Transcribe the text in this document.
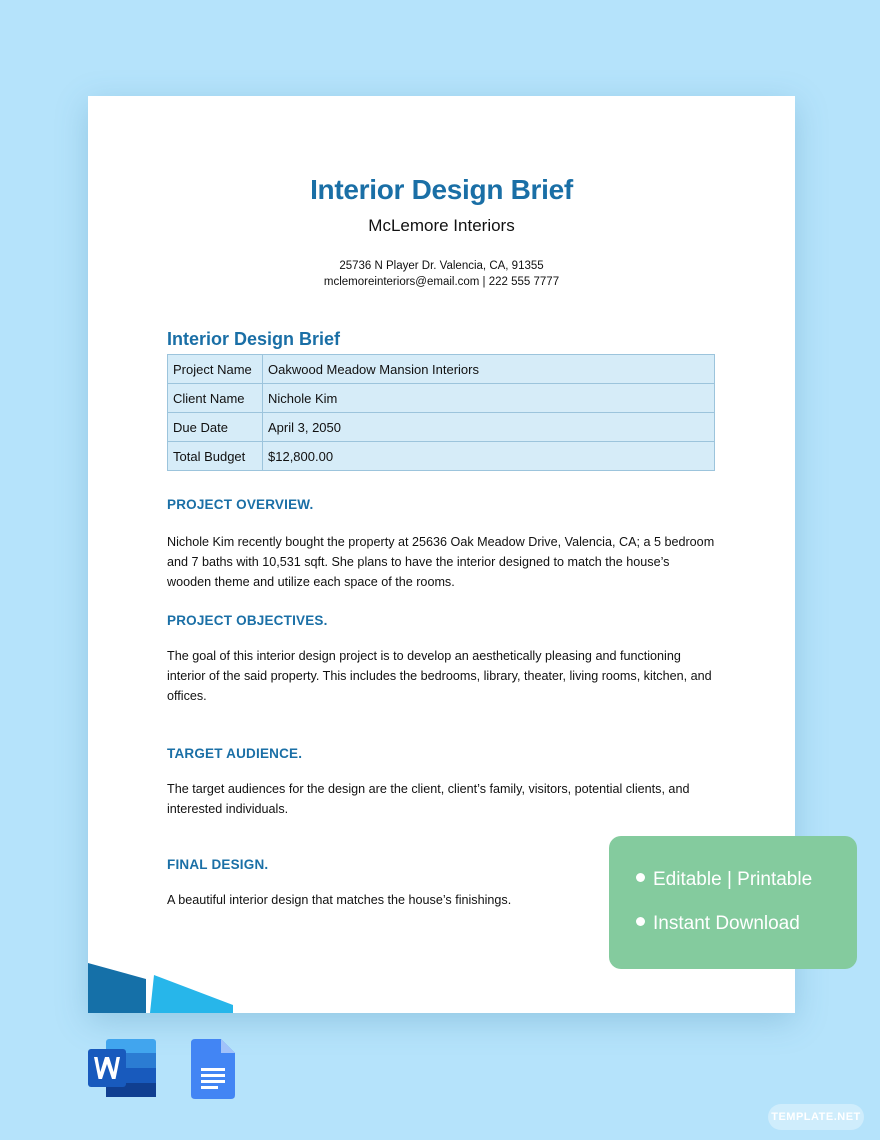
Interior Design Brief
McLemore Interiors
25736 N Player Dr. Valencia, CA, 91355
mclemoreinteriors@email.com | 222 555 7777
Interior Design Brief
Project Name	Oakwood Meadow Mansion Interiors
Client Name	Nichole Kim
Due Date	April 3, 2050
Total Budget	$12,800.00
PROJECT OVERVIEW.
Nichole Kim recently bought the property at 25636 Oak Meadow Drive, Valencia, CA; a 5 bedroom and 7 baths with 10,531 sqft. She plans to have the interior designed to match the house’s wooden theme and utilize each space of the rooms.
PROJECT OBJECTIVES.
The goal of this interior design project is to develop an aesthetically pleasing and functioning interior of the said property. This includes the bedrooms, library, theater, living rooms, kitchen, and offices.
TARGET AUDIENCE.
The target audiences for the design are the client, client’s family, visitors, potential clients, and interested individuals.
FINAL DESIGN.
A beautiful interior design that matches the house’s finishings.
Editable | Printable
Instant Download
TEMPLATE.NET
